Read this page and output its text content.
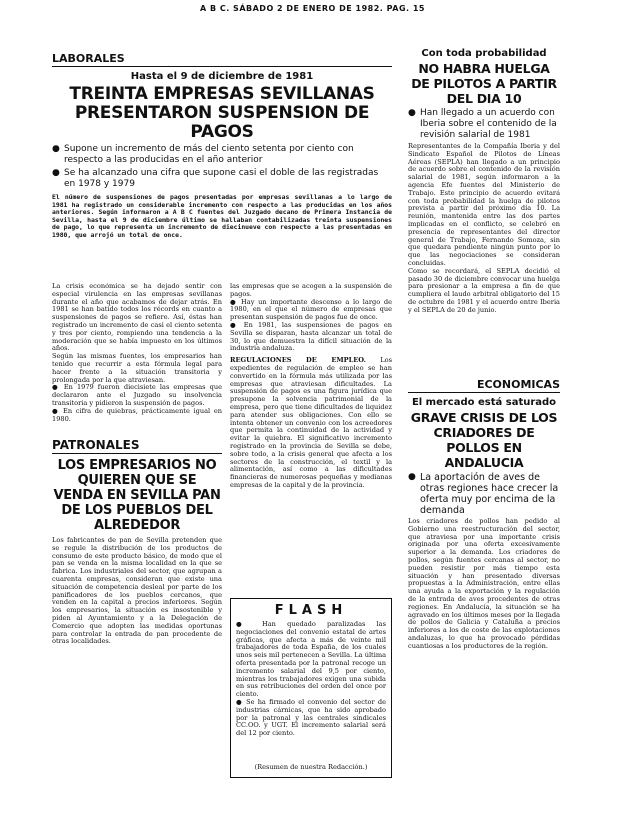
A B C. SÁBADO 2 DE ENERO DE 1982. PAG. 15
LABORALES
Hasta el 9 de diciembre de 1981
TREINTA EMPRESAS SEVILLANAS PRESENTARON SUSPENSION DE PAGOS
● Supone un incremento de más del ciento setenta por ciento con respecto a las producidas en el año anterior
● Se ha alcanzado una cifra que supone casi el doble de las registradas en 1978 y 1979
El número de suspensiones de pagos presentadas por empresas sevillanas a lo largo de 1981 ha registrado un considerable incremento con respecto a las producidas en los años anteriores. Según informaron a A B C fuentes del Juzgado decano de Primera Instancia de Sevilla, hasta el 9 de diciembre último se hallaban contabilizadas treinta suspensiones de pago, lo que representa un incremento de diecinueve con respecto a las presentadas en 1980, que arrojó un total de once.
La crisis económica se ha dejado sentir con especial virulencia en las empresas sevillanas durante el año que acabamos de dejar atrás. En 1981 se han batido todos los récords en cuanto a suspensiones de pagos se refiere. Así, éstas han registrado un incremento de casi el ciento setenta y tres por ciento, rompiendo una tendencia a la moderación que se había impuesto en los últimos años.
Según las mismas fuentes, los empresarios han tenido que recurrir a esta fórmula legal para hacer frente a la situación transitoria y prolongada por la que atraviesan.
● En 1979 fueron diecisiete las empresas que declararon ante el Juzgado su insolvencia transitoria y pidieron la suspensión de pagos.
● En cifra de quiebras, prácticamente igual en 1980.
las empresas que se acogen a la suspensión de pagos.
● Hay un importante descenso a lo largo de 1980, en el que el número de empresas que presentan suspensión de pagos fue de once.
● En 1981, las suspensiones de pagos en Sevilla se disparan, hasta alcanzar un total de 30, lo que demuestra la difícil situación de la industria andaluza.
REGULACIONES DE EMPLEO. Los expedientes de regulación de empleo se han convertido en la fórmula más utilizada por las empresas que atraviesan dificultades. La suspensión de pagos es una figura jurídica que presupone la solvencia patrimonial de la empresa, pero que tiene dificultades de liquidez para atender sus obligaciones. Con ello se intenta obtener un convenio con los acreedores que permita la continuidad de la actividad y evitar la quiebra. El significativo incremento registrado en la provincia de Sevilla se debe, sobre todo, a la crisis general que afecta a los sectores de la construcción, el textil y la alimentación, así como a las dificultades financieras de numerosas pequeñas y medianas empresas de la capital y de la provincia.
PATRONALES
LOS EMPRESARIOS NO QUIEREN QUE SE VENDA EN SEVILLA PAN DE LOS PUEBLOS DEL ALREDEDOR
Los fabricantes de pan de Sevilla pretenden que se regule la distribución de los productos de consumo de este producto básico, de modo que el pan se venda en la misma localidad en la que se fabrica. Los industriales del sector, que agrupan a cuarenta empresas, consideran que existe una situación de competencia desleal por parte de los panificadores de los pueblos cercanos, que venden en la capital a precios inferiores. Según los empresarios, la situación es insostenible y piden al Ayuntamiento y a la Delegación de Comercio que adopten las medidas oportunas para controlar la entrada de pan procedente de otras localidades.
FLASH
● Han quedado paralizadas las negociaciones del convenio estatal de artes gráficas, que afecta a más de veinte mil trabajadores de toda España, de los cuales unos seis mil pertenecen a Sevilla. La última oferta presentada por la patronal recoge un incremento salarial del 9,5 por ciento, mientras los trabajadores exigen una subida en sus retribuciones del orden del once por ciento.
● Se ha firmado el convenio del sector de industrias cárnicas, que ha sido aprobado por la patronal y las centrales sindicales CC.OO. y UGT. El incremento salarial será del 12 por ciento.
(Resumen de nuestra Redacción.)
Con toda probabilidad
NO HABRA HUELGA DE PILOTOS A PARTIR DEL DIA 10
● Han llegado a un acuerdo con Iberia sobre el contenido de la revisión salarial de 1981
Representantes de la Compañía Iberia y del Sindicato Español de Pilotos de Líneas Aéreas (SEPLA) han llegado a un principio de acuerdo sobre el contenido de la revisión salarial de 1981, según informaron a la agencia Efe fuentes del Ministerio de Trabajo. Este principio de acuerdo evitará con toda probabilidad la huelga de pilotos prevista a partir del próximo día 10. La reunión, mantenida entre las dos partes implicadas en el conflicto, se celebró en presencia de representantes del director general de Trabajo, Fernando Somoza, sin que quedara pendiente ningún punto por lo que las negociaciones se consideran concluidas.
Como se recordará, el SEPLA decidió el pasado 30 de diciembre convocar una huelga para presionar a la empresa a fin de que cumpliera el laudo arbitral obligatorio del 15 de octubre de 1981 y el acuerdo entre Iberia y el SEPLA de 20 de junio.
ECONOMICAS
El mercado está saturado
GRAVE CRISIS DE LOS CRIADORES DE POLLOS EN ANDALUCIA
● La aportación de aves de otras regiones hace crecer la oferta muy por encima de la demanda
Los criadores de pollos han pedido al Gobierno una reestructuración del sector, que atraviesa por una importante crisis originada por una oferta excesivamente superior a la demanda. Los criadores de pollos, según fuentes cercanas al sector, no pueden resistir por más tiempo esta situación y han presentado diversas propuestas a la Administración, entre ellas una ayuda a la exportación y la regulación de la entrada de aves procedentes de otras regiones. En Andalucía, la situación se ha agravado en los últimos meses por la llegada de pollos de Galicia y Cataluña a precios inferiores a los de coste de las explotaciones andaluzas, lo que ha provocado pérdidas cuantiosas a los productores de la región.
